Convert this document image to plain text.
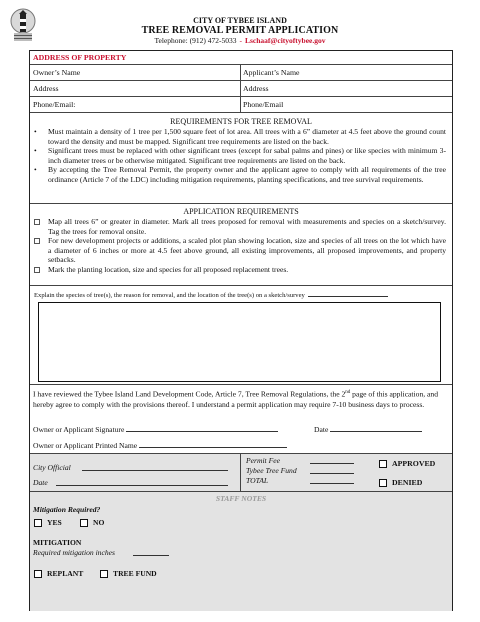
CITY OF TYBEE ISLAND
TREE REMOVAL PERMIT APPLICATION
Telephone: (912) 472-5033 - Lschaaf@cityoftybee.gov
ADDRESS OF PROPERTY
Owner’s Name	Applicant’s Name
Address	Address
Phone/Email:	Phone/Email
REQUIREMENTS FOR TREE REMOVAL
• Must maintain a density of 1 tree per 1,500 square feet of lot area. All trees with a 6” diameter at 4.5 feet above the ground count toward the density and must be mapped. Significant tree requirements are listed on the back.
• Significant trees must be replaced with other significant trees (except for sabal palms and pines) or like species with minimum 3-inch diameter trees or be otherwise mitigated. Significant tree requirements are listed on the back.
• By accepting the Tree Removal Permit, the property owner and the applicant agree to comply with all requirements of the tree ordinance (Article 7 of the LDC) including mitigation requirements, planting specifications, and tree survival requirements.
APPLICATION REQUIREMENTS
Map all trees 6” or greater in diameter. Mark all trees proposed for removal with measurements and species on a sketch/survey. Tag the trees for removal onsite.
For new development projects or additions, a scaled plot plan showing location, size and species of all trees on the lot which have a diameter of 6 inches or more at 4.5 feet above ground, all existing improvements, all proposed improvements, and property setbacks.
Mark the planting location, size and species for all proposed replacement trees.
Explain the species of tree(s), the reason for removal, and the location of the tree(s) on a sketch/survey
I have reviewed the Tybee Island Land Development Code, Article 7, Tree Removal Regulations, the 2nd page of this application, and hereby agree to comply with the provisions thereof. I understand a permit application may require 7-10 business days to process.
Owner or Applicant Signature	Date
Owner or Applicant Printed Name
City Official
Date
Permit Fee
Tybee Tree Fund
TOTAL
APPROVED
DENIED
STAFF NOTES
Mitigation Required?
YES	NO
MITIGATION
Required mitigation inches
REPLANT	TREE FUND
